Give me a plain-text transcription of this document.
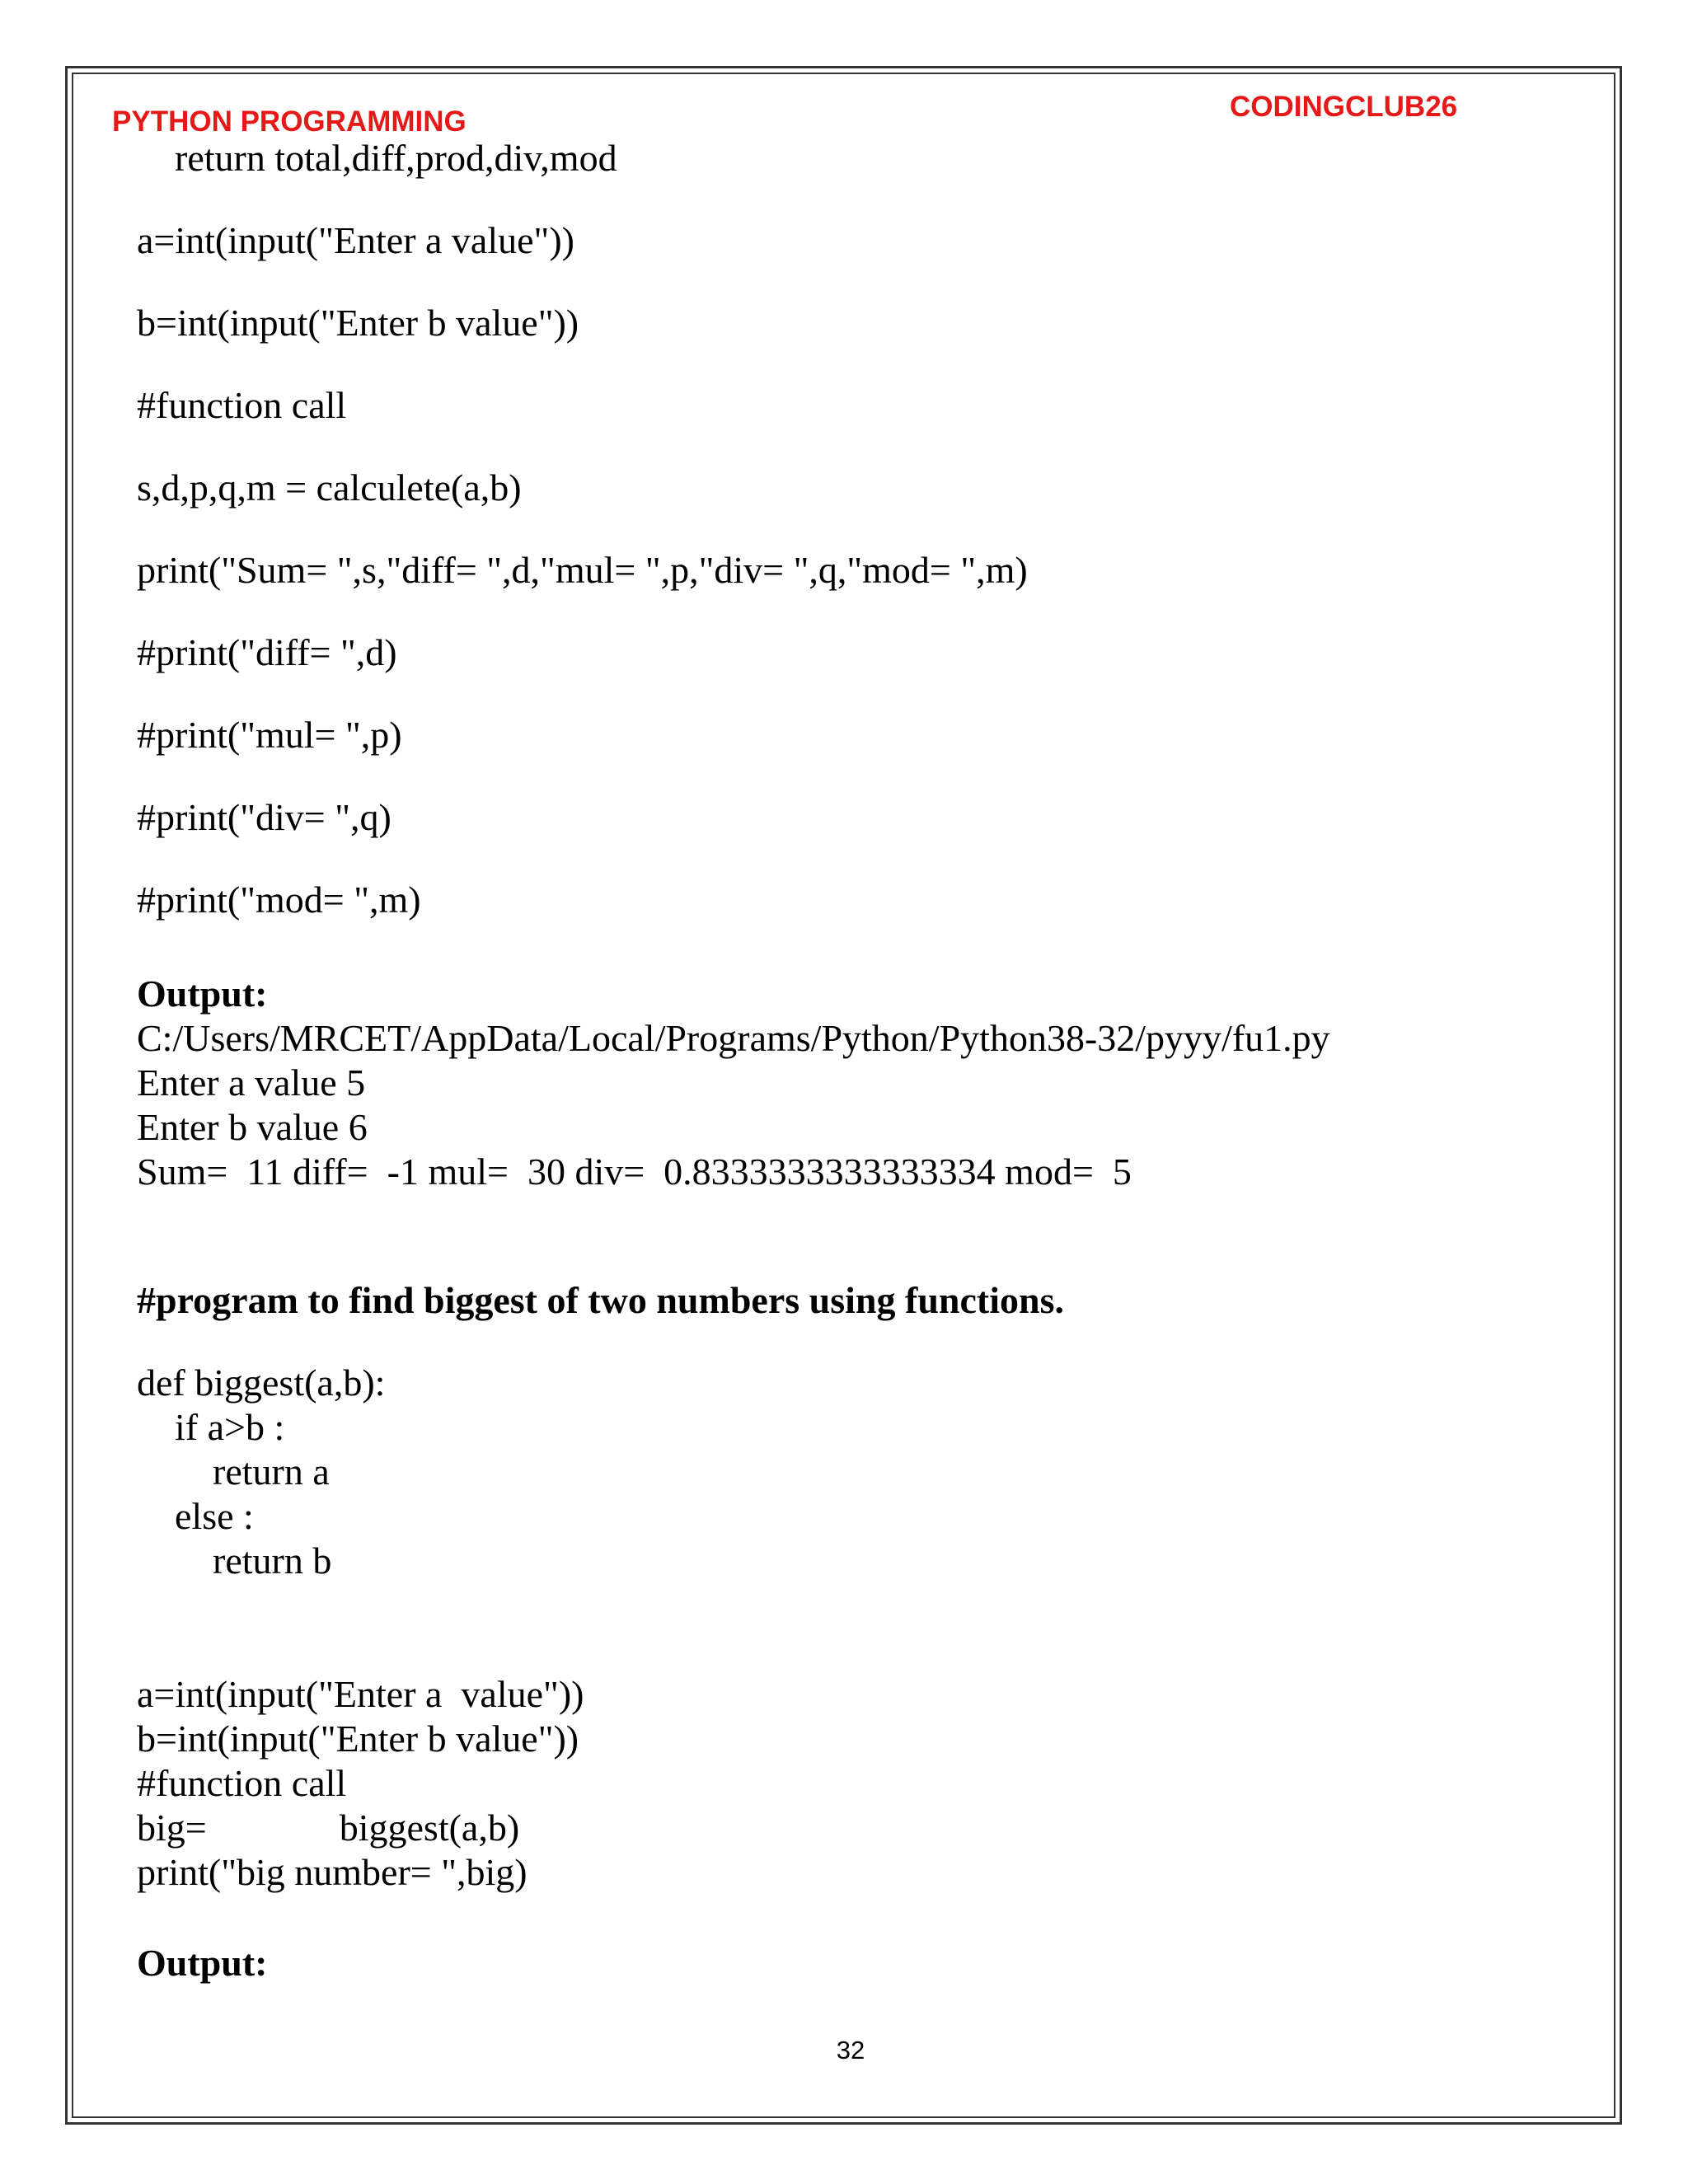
PYTHON PROGRAMMING	CODINGCLUB26
return total,diff,prod,div,mod
a=int(input("Enter a value"))
b=int(input("Enter b value"))
#function call
s,d,p,q,m = calculete(a,b)
print("Sum= ",s,"diff= ",d,"mul= ",p,"div= ",q,"mod= ",m)
#print("diff= ",d)
#print("mul= ",p)
#print("div= ",q)
#print("mod= ",m)
Output:
C:/Users/MRCET/AppData/Local/Programs/Python/Python38-32/pyyy/fu1.py
Enter a value 5
Enter b value 6
Sum=  11 diff=  -1 mul=  30 div=  0.8333333333333334 mod=  5
#program to find biggest of two numbers using functions.
def biggest(a,b):
if a>b :
return a
else :
return b
a=int(input("Enter a  value"))
b=int(input("Enter b value"))
#function call
big=              biggest(a,b)
print("big number= ",big)
Output:
32
